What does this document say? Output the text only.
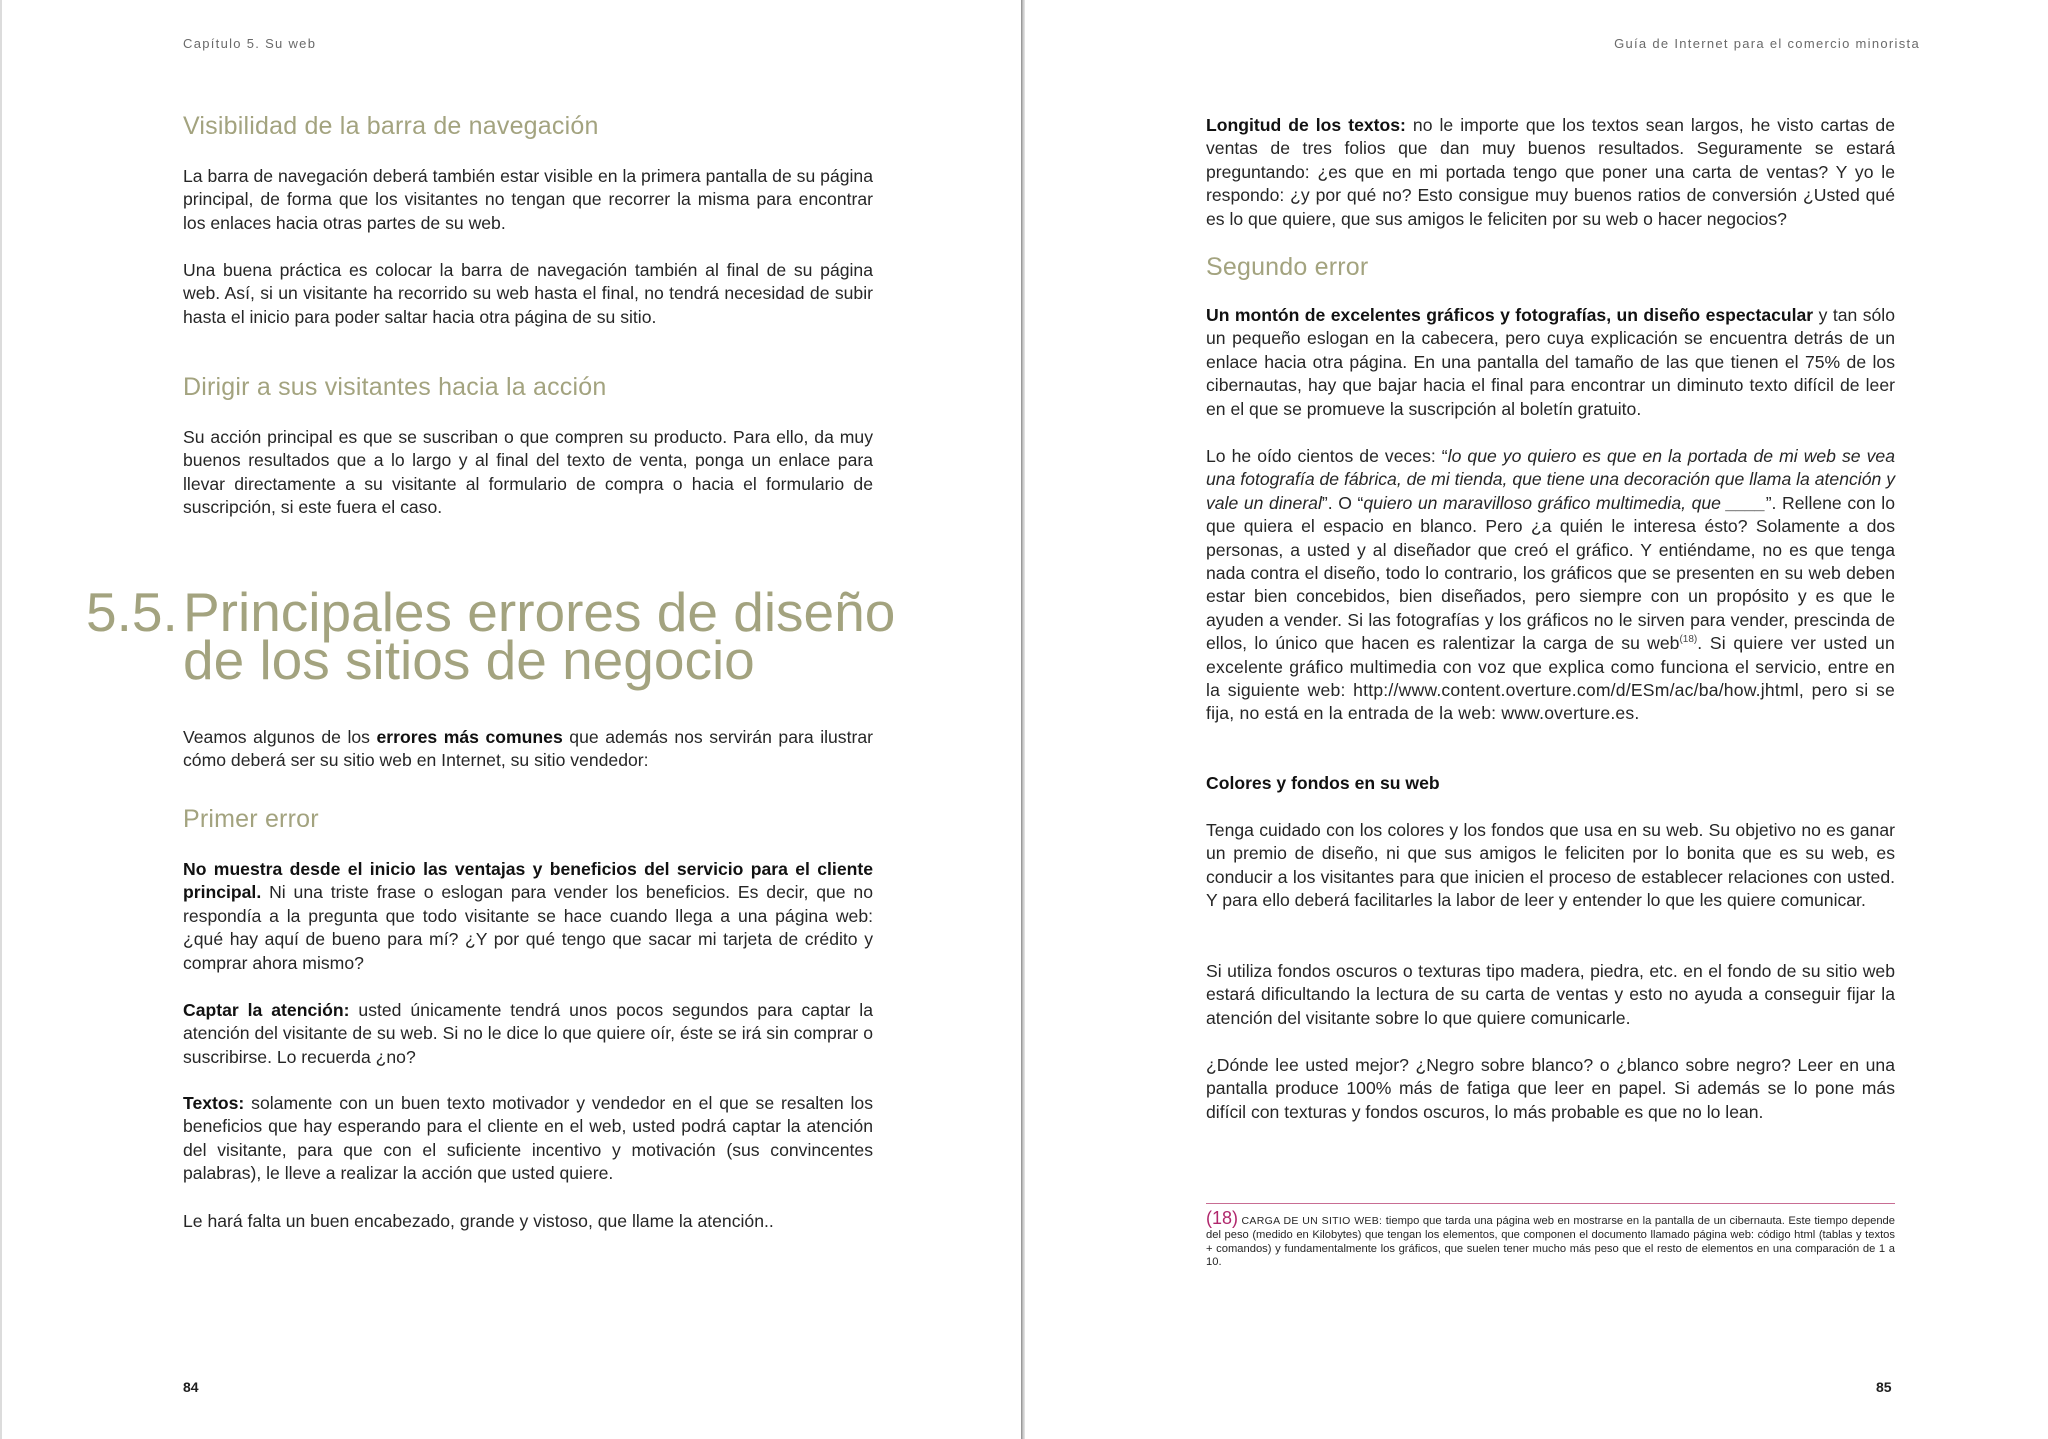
Capítulo 5. Su web
Visibilidad de la barra de navegación
La barra de navegación deberá también estar visible en la primera pantalla de su página principal, de forma que los visitantes no tengan que recorrer la misma para encontrar los enlaces hacia otras partes de su web.
Una buena práctica es colocar la barra de navegación también al final de su página web. Así, si un visitante ha recorrido su web hasta el final, no tendrá necesidad de subir hasta el inicio para poder saltar hacia otra página de su sitio.
Dirigir a sus visitantes hacia la acción
Su acción principal es que se suscriban o que compren su producto. Para ello, da muy buenos resultados que a lo largo y al final del texto de venta, ponga un enlace para llevar directamente a su visitante al formulario de compra o hacia el formulario de suscripción, si este fuera el caso.
5.5. Principales errores de diseño
de los sitios de negocio
Veamos algunos de los errores más comunes que además nos servirán para ilustrar cómo deberá ser su sitio web en Internet, su sitio vendedor:
Primer error
No muestra desde el inicio las ventajas y beneficios del servicio para el cliente principal. Ni una triste frase o eslogan para vender los beneficios. Es decir, que no respondía a la pregunta que todo visitante se hace cuando llega a una página web: ¿qué hay aquí de bueno para mí? ¿Y por qué tengo que sacar mi tarjeta de crédito y comprar ahora mismo?
Captar la atención: usted únicamente tendrá unos pocos segundos para captar la atención del visitante de su web. Si no le dice lo que quiere oír, éste se irá sin comprar o suscribirse. Lo recuerda ¿no?
Textos: solamente con un buen texto motivador y vendedor en el que se resalten los beneficios que hay esperando para el cliente en el web, usted podrá captar la atención del visitante, para que con el suficiente incentivo y motivación (sus convincentes palabras), le lleve a realizar la acción que usted quiere.
Le hará falta un buen encabezado, grande y vistoso, que llame la atención..
84
Guía de Internet para el comercio minorista
Longitud de los textos: no le importe que los textos sean largos, he visto cartas de ventas de tres folios que dan muy buenos resultados. Seguramente se estará preguntando: ¿es que en mi portada tengo que poner una carta de ventas? Y yo le respondo: ¿y por qué no? Esto consigue muy buenos ratios de conversión ¿Usted qué es lo que quiere, que sus amigos le feliciten por su web o hacer negocios?
Segundo error
Un montón de excelentes gráficos y fotografías, un diseño espectacular y tan sólo un pequeño eslogan en la cabecera, pero cuya explicación se encuentra detrás de un enlace hacia otra página. En una pantalla del tamaño de las que tienen el 75% de los cibernautas, hay que bajar hacia el final para encontrar un diminuto texto difícil de leer en el que se promueve la suscripción al boletín gratuito.
Lo he oído cientos de veces: “lo que yo quiero es que en la portada de mi web se vea una fotografía de fábrica, de mi tienda, que tiene una decoración que llama la atención y vale un dineral”. O “quiero un maravilloso gráfico multimedia, que ____”. Rellene con lo que quiera el espacio en blanco. Pero ¿a quién le interesa ésto? Solamente a dos personas, a usted y al diseñador que creó el gráfico. Y entiéndame, no es que tenga nada contra el diseño, todo lo contrario, los gráficos que se presenten en su web deben estar bien concebidos, bien diseñados, pero siempre con un propósito y es que le ayuden a vender. Si las fotografías y los gráficos no le sirven para vender, prescinda de ellos, lo único que hacen es ralentizar la carga de su web$^{(18)}$. Si quiere ver usted un excelente gráfico multimedia con voz que explica como funciona el servicio, entre en la siguiente web: http://www.content.overture.com/d/ESm/ac/ba/how.jhtml, pero si se fija, no está en la entrada de la web: www.overture.es.
Colores y fondos en su web
Tenga cuidado con los colores y los fondos que usa en su web. Su objetivo no es ganar un premio de diseño, ni que sus amigos le feliciten por lo bonita que es su web, es conducir a los visitantes para que inicien el proceso de establecer relaciones con usted. Y para ello deberá facilitarles la labor de leer y entender lo que les quiere comunicar.
Si utiliza fondos oscuros o texturas tipo madera, piedra, etc. en el fondo de su sitio web estará dificultando la lectura de su carta de ventas y esto no ayuda a conseguir fijar la atención del visitante sobre lo que quiere comunicarle.
¿Dónde lee usted mejor? ¿Negro sobre blanco? o ¿blanco sobre negro? Leer en una pantalla produce 100% más de fatiga que leer en papel. Si además se lo pone más difícil con texturas y fondos oscuros, lo más probable es que no lo lean.
(18) CARGA DE UN SITIO WEB: tiempo que tarda una página web en mostrarse en la pantalla de un cibernauta. Este tiempo depende del peso (medido en Kilobytes) que tengan los elementos, que componen el documento llamado página web: código html (tablas y textos + comandos) y fundamentalmente los gráficos, que suelen tener mucho más peso que el resto de elementos en una comparación de 1 a 10.
85
